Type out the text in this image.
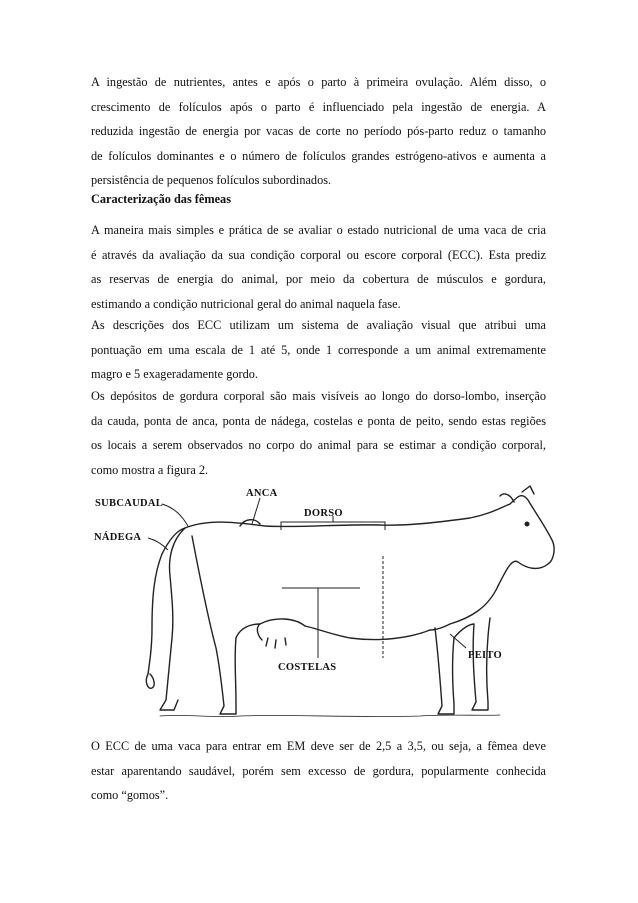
A ingestão de nutrientes, antes e após o parto à primeira ovulação. Além disso, o
crescimento de folículos após o parto é influenciado pela ingestão de energia. A
reduzida ingestão de energia por vacas de corte no período pós-parto reduz o tamanho
de folículos dominantes e o número de folículos grandes estrógeno-ativos e aumenta a
persistência de pequenos folículos subordinados.
Caracterização das fêmeas
A maneira mais simples e prática de se avaliar o estado nutricional de uma vaca de cria
é através da avaliação da sua condição corporal ou escore corporal (ECC). Esta prediz
as reservas de energia do animal, por meio da cobertura de músculos e gordura,
estimando a condição nutricional geral do animal naquela fase.
As descrições dos ECC utilizam um sistema de avaliação visual que atribui uma
pontuação em uma escala de 1 até 5, onde 1 corresponde a um animal extremamente
magro e 5 exageradamente gordo.
Os depósitos de gordura corporal são mais visíveis ao longo do dorso-lombo, inserção
da cauda, ponta de anca, ponta de nádega, costelas e ponta de peito, sendo estas regiões
os locais a serem observados no corpo do animal para se estimar a condição corporal,
como mostra a figura 2.
SUBCAUDAL
ANCA
DORSO
NÁDEGA
COSTELAS
PEITO
O ECC de uma vaca para entrar em EM deve ser de 2,5 a 3,5, ou seja, a fêmea deve
estar aparentando saudável, porém sem excesso de gordura, popularmente conhecida
como “gomos”.
